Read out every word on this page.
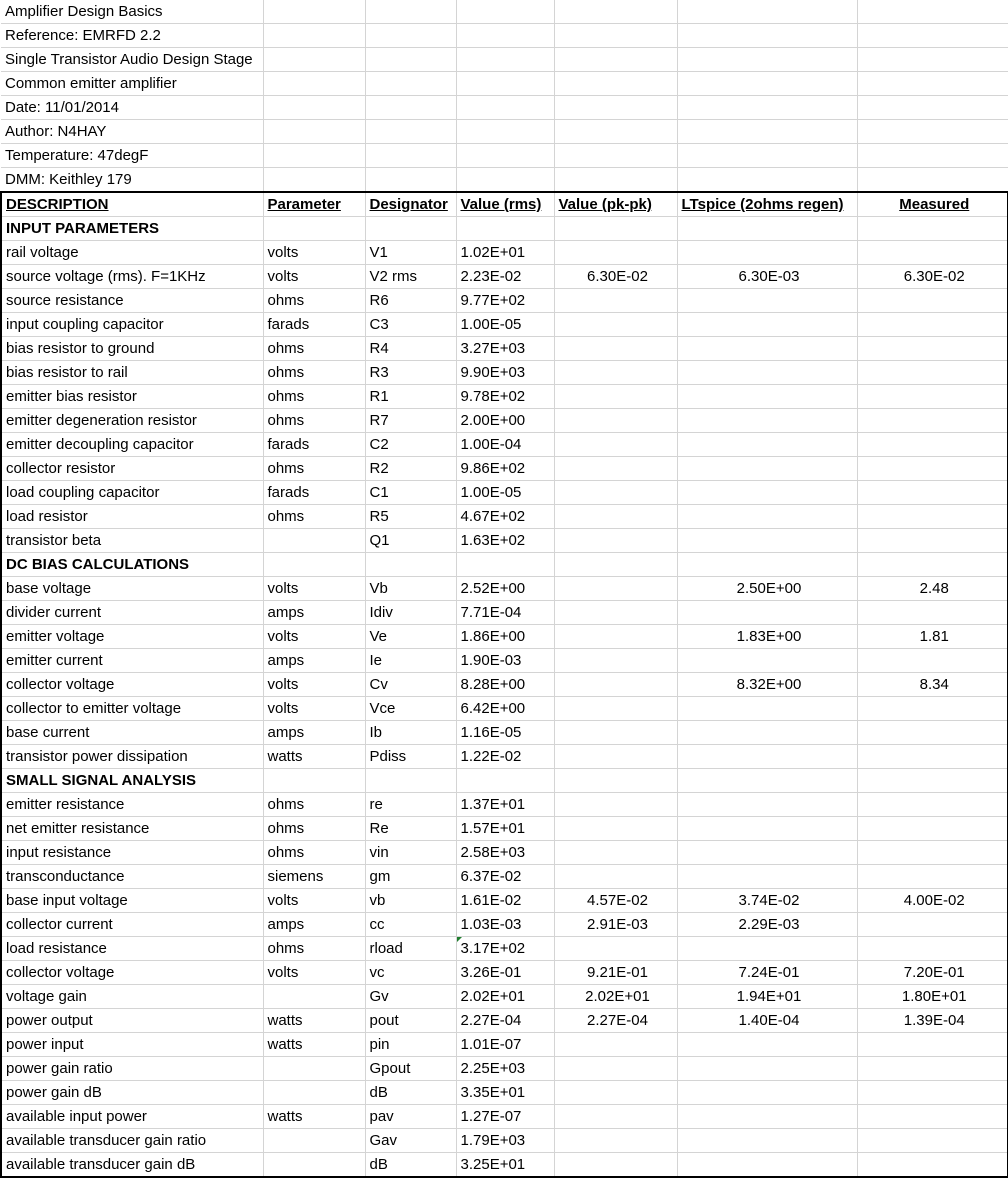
Amplifier Design Basics						
Reference: EMRFD 2.2						
Single Transistor Audio Design Stage						
Common emitter amplifier						
Date: 11/01/2014						
Author: N4HAY						
Temperature: 47degF						
DMM: Keithley 179						
DESCRIPTION	Parameter	Designator	Value (rms)	Value (pk-pk)	LTspice (2ohms regen)	Measured
INPUT PARAMETERS						
rail voltage	volts	V1	1.02E+01			
source voltage (rms). F=1KHz	volts	V2 rms	2.23E-02	6.30E-02	6.30E-03	6.30E-02
source resistance	ohms	R6	9.77E+02			
input coupling capacitor	farads	C3	1.00E-05			
bias resistor to ground	ohms	R4	3.27E+03			
bias resistor to rail	ohms	R3	9.90E+03			
emitter bias resistor	ohms	R1	9.78E+02			
emitter degeneration resistor	ohms	R7	2.00E+00			
emitter decoupling capacitor	farads	C2	1.00E-04			
collector resistor	ohms	R2	9.86E+02			
load coupling capacitor	farads	C1	1.00E-05			
load resistor	ohms	R5	4.67E+02			
transistor beta		Q1	1.63E+02			
DC BIAS CALCULATIONS						
base voltage	volts	Vb	2.52E+00		2.50E+00	2.48
divider current	amps	Idiv	7.71E-04			
emitter voltage	volts	Ve	1.86E+00		1.83E+00	1.81
emitter current	amps	Ie	1.90E-03			
collector voltage	volts	Cv	8.28E+00		8.32E+00	8.34
collector to emitter voltage	volts	Vce	6.42E+00			
base current	amps	Ib	1.16E-05			
transistor power dissipation	watts	Pdiss	1.22E-02			
SMALL SIGNAL ANALYSIS						
emitter resistance	ohms	re	1.37E+01			
net emitter resistance	ohms	Re	1.57E+01			
input resistance	ohms	vin	2.58E+03			
transconductance	siemens	gm	6.37E-02			
base input voltage	volts	vb	1.61E-02	4.57E-02	3.74E-02	4.00E-02
collector current	amps	cc	1.03E-03	2.91E-03	2.29E-03	
load resistance	ohms	rload	3.17E+02			
collector voltage	volts	vc	3.26E-01	9.21E-01	7.24E-01	7.20E-01
voltage gain		Gv	2.02E+01	2.02E+01	1.94E+01	1.80E+01
power output	watts	pout	2.27E-04	2.27E-04	1.40E-04	1.39E-04
power input	watts	pin	1.01E-07			
power gain ratio		Gpout	2.25E+03			
power gain dB		dB	3.35E+01			
available input power	watts	pav	1.27E-07			
available transducer gain ratio		Gav	1.79E+03			
available transducer gain dB		dB	3.25E+01			
